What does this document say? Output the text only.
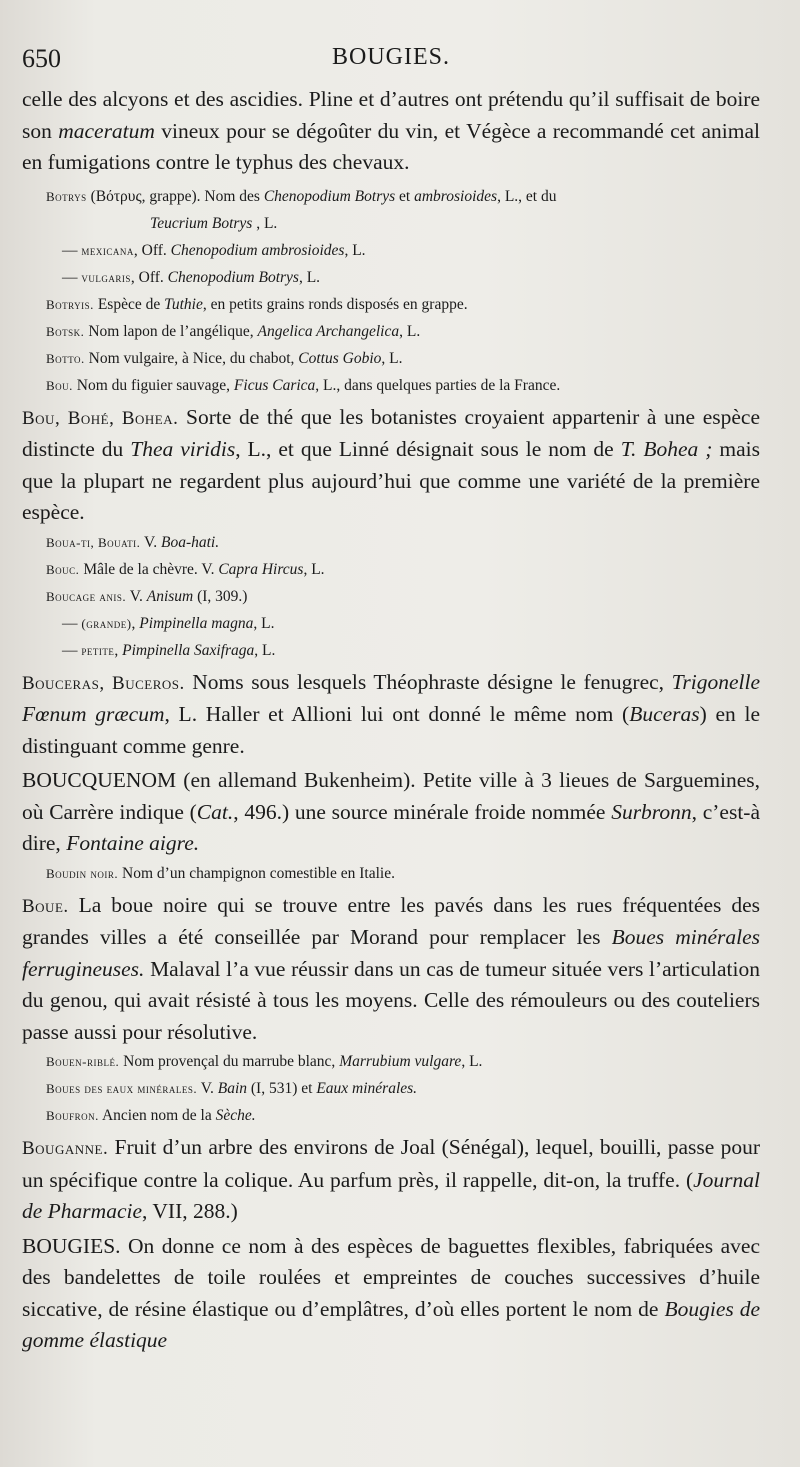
650	BOUGIES.

celle des alcyons et des ascidies. Pline et d’autres ont prétendu qu’il suffisait de boire son maceratum vineux pour se dégoûter du vin, et Végèce a recommandé cet animal en fumigations contre le typhus des chevaux.

Botrys (Βότρυς, grappe). Nom des Chenopodium Botrys et ambrosioides, L., et du

Teucrium Botrys , L.

— mexicana, Off. Chenopodium ambrosioides, L.

— vulgaris, Off. Chenopodium Botrys, L.

Botryis. Espèce de Tuthie, en petits grains ronds disposés en grappe.

Botsk. Nom lapon de l’angélique, Angelica Archangelica, L.

Botto. Nom vulgaire, à Nice, du chabot, Cottus Gobio, L.

Bou. Nom du figuier sauvage, Ficus Carica, L., dans quelques parties de la France.

Bou, Bohé, Bohea. Sorte de thé que les botanistes croyaient appartenir à une espèce distincte du Thea viridis, L., et que Linné désignait sous le nom de T. Bohea ; mais que la plupart ne regardent plus aujourd’hui que comme une variété de la première espèce.

Boua-ti, Bouati. V. Boa-hati.

Bouc. Mâle de la chèvre. V. Capra Hircus, L.

Boucage anis. V. Anisum (I, 309.)

— (grande), Pimpinella magna, L.

— petite, Pimpinella Saxifraga, L.

Bouceras, Buceros. Noms sous lesquels Théophraste désigne le fenugrec, Trigonelle Fœnum græcum, L. Haller et Allioni lui ont donné le même nom (Buceras) en le distinguant comme genre.

BOUCQUENOM (en allemand Bukenheim). Petite ville à 3 lieues de Sarguemines, où Carrère indique (Cat., 496.) une source minérale froide nommée Surbronn, c’est-à dire, Fontaine aigre.

Boudin noir. Nom d’un champignon comestible en Italie.

Boue. La boue noire qui se trouve entre les pavés dans les rues fréquentées des grandes villes a été conseillée par Morand pour remplacer les Boues minérales ferrugineuses. Malaval l’a vue réussir dans un cas de tumeur située vers l’articulation du genou, qui avait résisté à tous les moyens. Celle des rémouleurs ou des couteliers passe aussi pour résolutive.

Bouen-riblé. Nom provençal du marrube blanc, Marrubium vulgare, L.

Boues des eaux minérales. V. Bain (I, 531) et Eaux minérales.

Boufron. Ancien nom de la Sèche.

Bouganne. Fruit d’un arbre des environs de Joal (Sénégal), lequel, bouilli, passe pour un spécifique contre la colique. Au parfum près, il rappelle, dit-on, la truffe. (Journal de Pharmacie, VII, 288.)

BOUGIES. On donne ce nom à des espèces de baguettes flexibles, fabriquées avec des bandelettes de toile roulées et empreintes de couches successives d’huile siccative, de résine élastique ou d’emplâtres, d’où elles portent le nom de Bougies de gomme élastique
